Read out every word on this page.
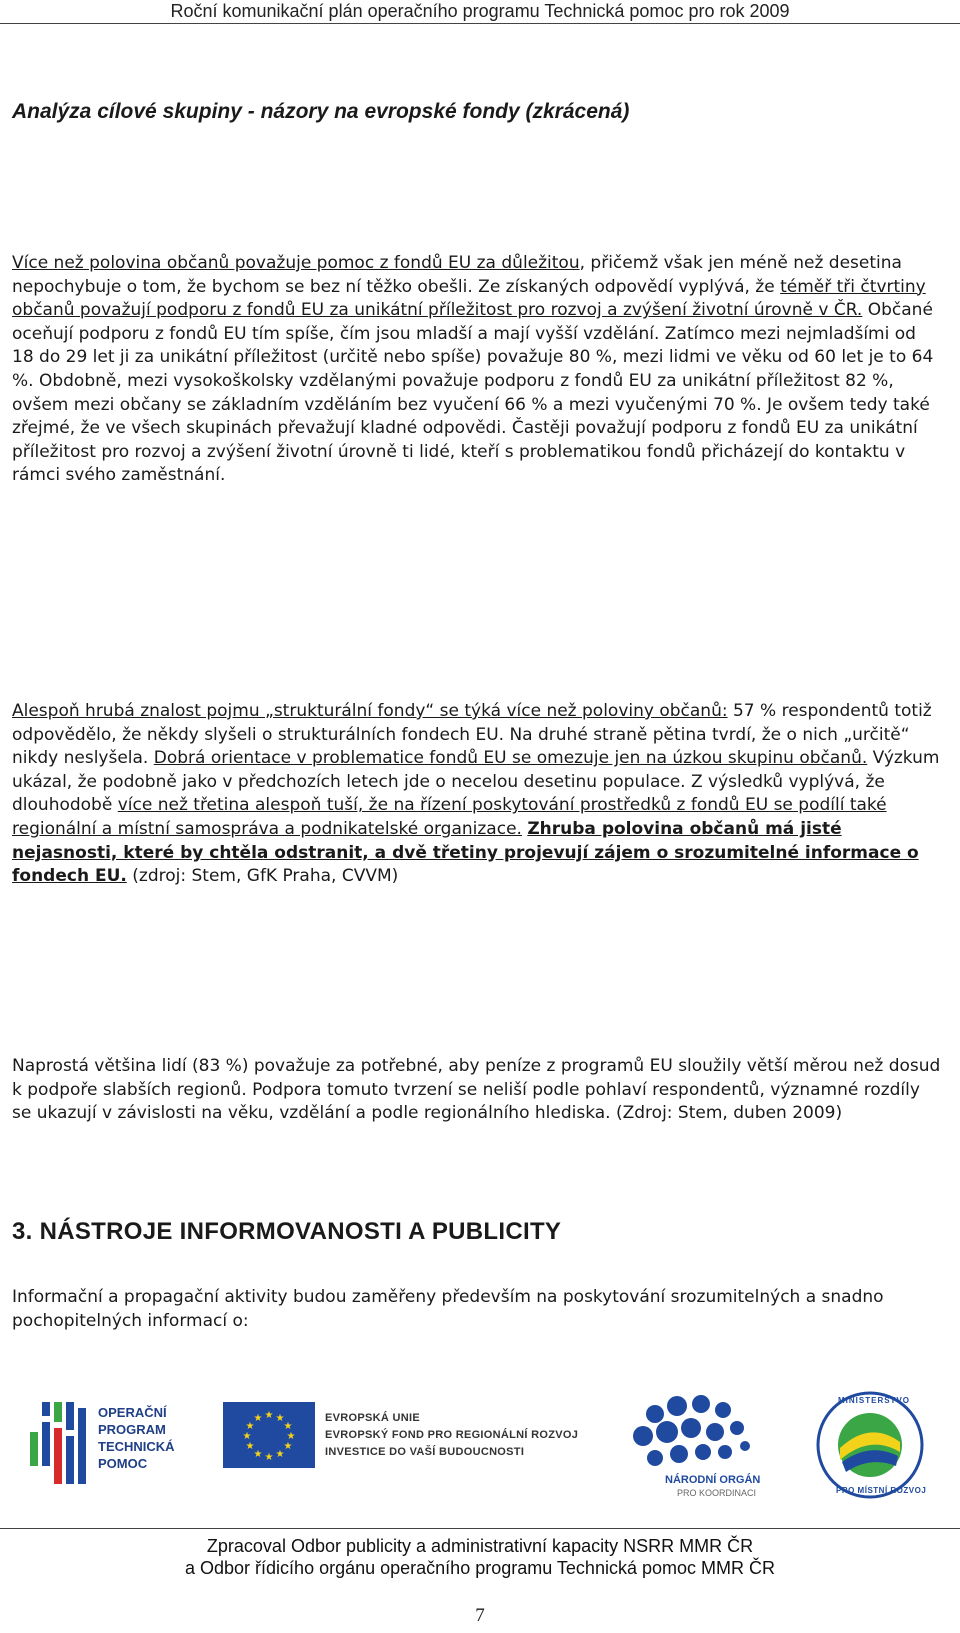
Roční komunikační plán operačního programu Technická pomoc pro rok 2009
Analýza cílové skupiny - názory na evropské fondy (zkrácená)

Více než polovina občanů považuje pomoc z fondů EU za důležitou, přičemž však jen méně než desetina nepochybuje o tom, že bychom se bez ní těžko obešli. Ze získaných odpovědí vyplývá, že téměř tři čtvrtiny občanů považují podporu z fondů EU za unikátní příležitost pro rozvoj a zvýšení životní úrovně v ČR. Občané oceňují podporu z fondů EU tím spíše, čím jsou mladší a mají vyšší vzdělání. Zatímco mezi nejmladšími od 18 do 29 let ji za unikátní příležitost (určitě nebo spíše) považuje 80 %, mezi lidmi ve věku od 60 let je to 64 %. Obdobně, mezi vysokoškolsky vzdělanými považuje podporu z fondů EU za unikátní příležitost 82 %, ovšem mezi občany se základním vzděláním bez vyučení 66 % a mezi vyučenými 70 %. Je ovšem tedy také zřejmé, že ve všech skupinách převažují kladné odpovědi. Častěji považují podporu z fondů EU za unikátní příležitost pro rozvoj a zvýšení životní úrovně ti lidé, kteří s problematikou fondů přicházejí do kontaktu v rámci svého zaměstnání.

Alespoň hrubá znalost pojmu „strukturální fondy“ se týká více než poloviny občanů: 57 % respondentů totiž odpovědělo, že někdy slyšeli o strukturálních fondech EU. Na druhé straně pětina tvrdí, že o nich „určitě“ nikdy neslyšela. Dobrá orientace v problematice fondů EU se omezuje jen na úzkou skupinu občanů. Výzkum ukázal, že podobně jako v předchozích letech jde o necelou desetinu populace. Z výsledků vyplývá, že dlouhodobě více než třetina alespoň tuší, že na řízení poskytování prostředků z fondů EU se podílí také regionální a místní samospráva a podnikatelské organizace. Zhruba polovina občanů má jisté nejasnosti, které by chtěla odstranit, a dvě třetiny projevují zájem o srozumitelné informace o fondech EU. (zdroj: Stem, GfK Praha, CVVM)

Naprostá většina lidí (83 %) považuje za potřebné, aby peníze z programů EU sloužily větší měrou než dosud k podpoře slabších regionů. Podpora tomuto tvrzení se neliší podle pohlaví respondentů, významné rozdíly se ukazují v závislosti na věku, vzdělání a podle regionálního hlediska. (Zdroj: Stem, duben 2009)

3. NÁSTROJE INFORMOVANOSTI A PUBLICITY

Informační a propagační aktivity budou zaměřeny především na poskytování srozumitelných a snadno pochopitelných informací o:

OPERAČNÍ
PROGRAM
TECHNICKÁ
POMOC
★ ★
★
★
★
★
★
★
★
★
★
★	EVROPSKÁ UNIE
EVROPSKÝ FOND PRO REGIONÁLNÍ ROZVOJ
INVESTICE DO VAŠÍ BUDOUCNOSTI
NÁRODNÍ ORGÁN
PRO KOORDINACI
MINISTERSTVO
PRO MÍSTNÍ ROZVOJ
Zpracoval Odbor publicity a administrativní kapacity NSRR MMR ČR
a Odbor řídicího orgánu operačního programu Technická pomoc MMR ČR
7
